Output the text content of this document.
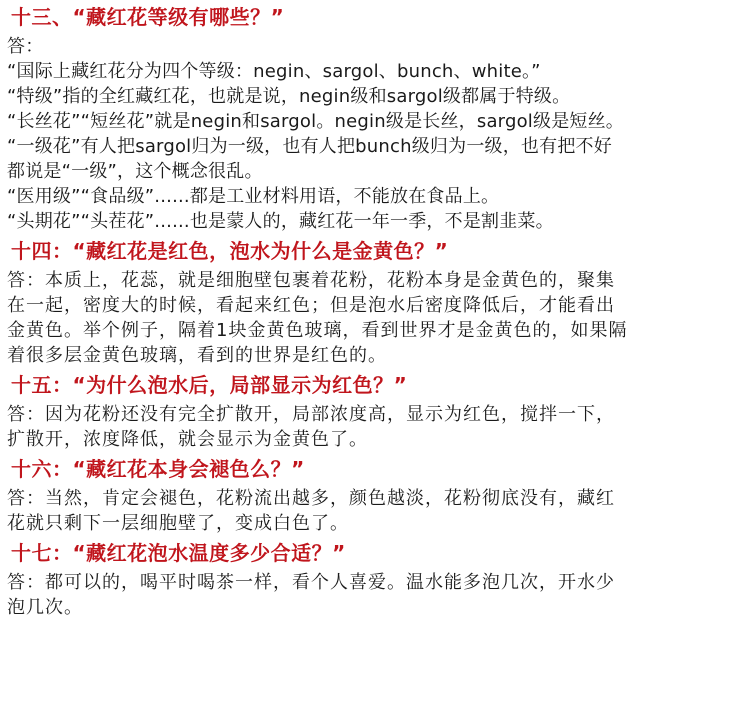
十三、“藏红花等级有哪些？”
答：
“国际上藏红花分为四个等级：negin、sargol、bunch、white。”
“特级”指的全红藏红花，也就是说，negin级和sargol级都属于特级。
“长丝花”“短丝花”就是negin和sargol。negin级是长丝，sargol级是短丝。
“一级花”有人把sargol归为一级，也有人把bunch级归为一级，也有把不好
都说是“一级”，这个概念很乱。
“医用级”“食品级”......都是工业材料用语，不能放在食品上。
“头期花”“头茬花”......也是蒙人的，藏红花一年一季，不是割韭菜。
十四：“藏红花是红色，泡水为什么是金黄色？”
答：本质上，花蕊，就是细胞壁包裹着花粉，花粉本身是金黄色的，聚集
在一起，密度大的时候，看起来红色；但是泡水后密度降低后，才能看出
金黄色。举个例子，隔着1块金黄色玻璃，看到世界才是金黄色的，如果隔
着很多层金黄色玻璃，看到的世界是红色的。
十五：“为什么泡水后，局部显示为红色？”
答：因为花粉还没有完全扩散开，局部浓度高，显示为红色，搅拌一下，
扩散开，浓度降低，就会显示为金黄色了。
十六：“藏红花本身会褪色么？”
答：当然，肯定会褪色，花粉流出越多，颜色越淡，花粉彻底没有，藏红
花就只剩下一层细胞壁了，变成白色了。
十七：“藏红花泡水温度多少合适？”
答：都可以的，喝平时喝茶一样，看个人喜爱。温水能多泡几次，开水少
泡几次。
